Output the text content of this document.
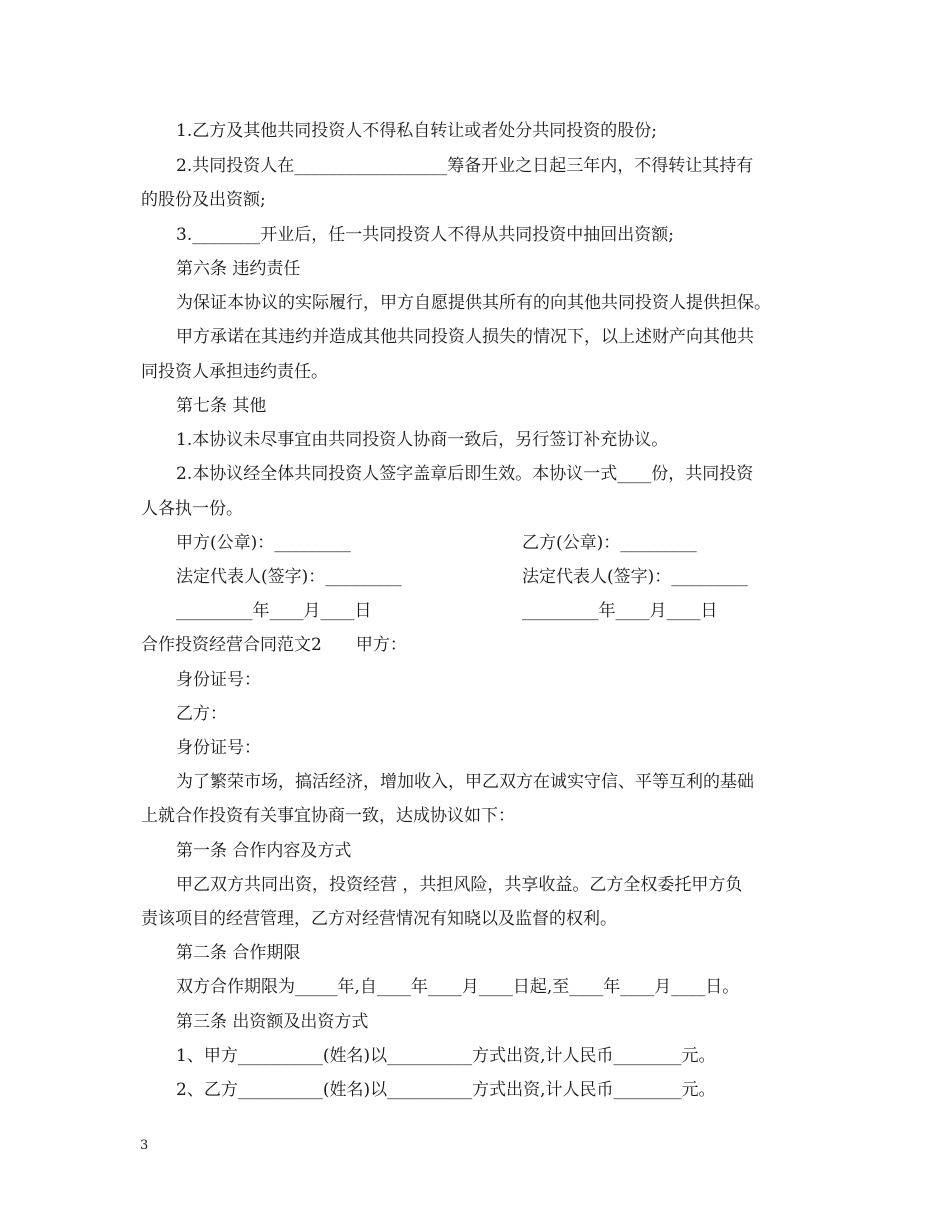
1.乙方及其他共同投资人不得私自转让或者处分共同投资的股份;
2.共同投资人在__________________筹备开业之日起三年内，不得转让其持有
的股份及出资额;
3.________开业后，任一共同投资人不得从共同投资中抽回出资额;
第六条 违约责任
为保证本协议的实际履行，甲方自愿提供其所有的向其他共同投资人提供担保。
甲方承诺在其违约并造成其他共同投资人损失的情况下，以上述财产向其他共
同投资人承担违约责任。
第七条 其他
1.本协议未尽事宜由共同投资人协商一致后，另行签订补充协议。
2.本协议经全体共同投资人签字盖章后即生效。本协议一式____份，共同投资
人各执一份。
甲方(公章)：_________	乙方(公章)：_________
法定代表人(签字)：_________	法定代表人(签字)：_________
_________年____月____日	_________年____月____日
合作投资经营合同范文2　　甲方：
身份证号：
乙方：
身份证号：
为了繁荣市场，搞活经济，增加收入，甲乙双方在诚实守信、平等互利的基础
上就合作投资有关事宜协商一致，达成协议如下：
第一条 合作内容及方式
甲乙双方共同出资，投资经营 ，共担风险，共享收益。乙方全权委托甲方负
责该项目的经营管理，乙方对经营情况有知晓以及监督的权利。
第二条 合作期限
双方合作期限为_____年,自____年____月____日起,至____年____月____日。
第三条 出资额及出资方式
1、甲方__________(姓名)以__________方式出资,计人民币________元。
2、乙方__________(姓名)以__________方式出资,计人民币________元。
3
